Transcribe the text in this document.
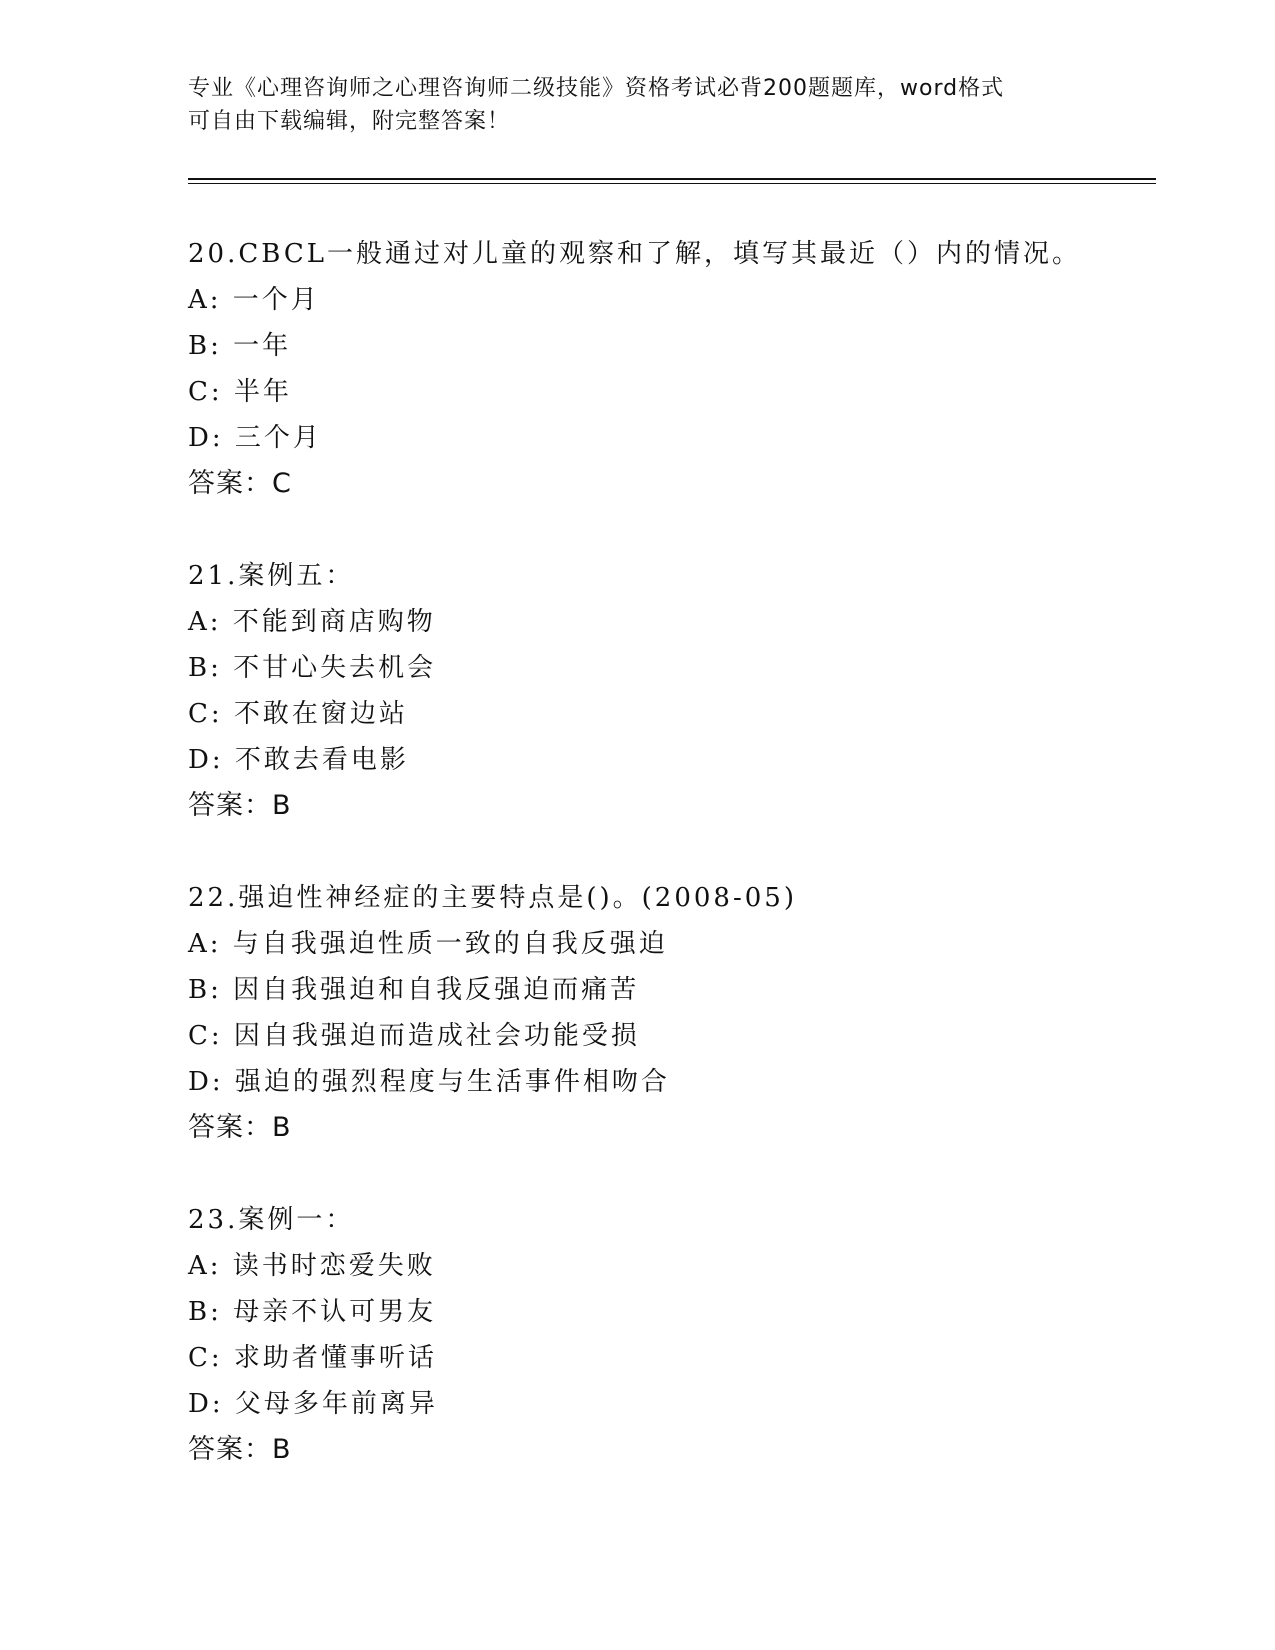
专业《心理咨询师之心理咨询师二级技能》资格考试必背200题题库，word格式
可自由下载编辑，附完整答案！
20.CBCL一般通过对儿童的观察和了解，填写其最近（）内的情况。
A: 一个月
B: 一年
C: 半年
D: 三个月
答案：C
21.案例五：
A: 不能到商店购物
B: 不甘心失去机会
C: 不敢在窗边站
D: 不敢去看电影
答案：B
22.强迫性神经症的主要特点是()。(2008-05)
A: 与自我强迫性质一致的自我反强迫
B: 因自我强迫和自我反强迫而痛苦
C: 因自我强迫而造成社会功能受损
D: 强迫的强烈程度与生活事件相吻合
答案：B
23.案例一：
A: 读书时恋爱失败
B: 母亲不认可男友
C: 求助者懂事听话
D: 父母多年前离异
答案：B
